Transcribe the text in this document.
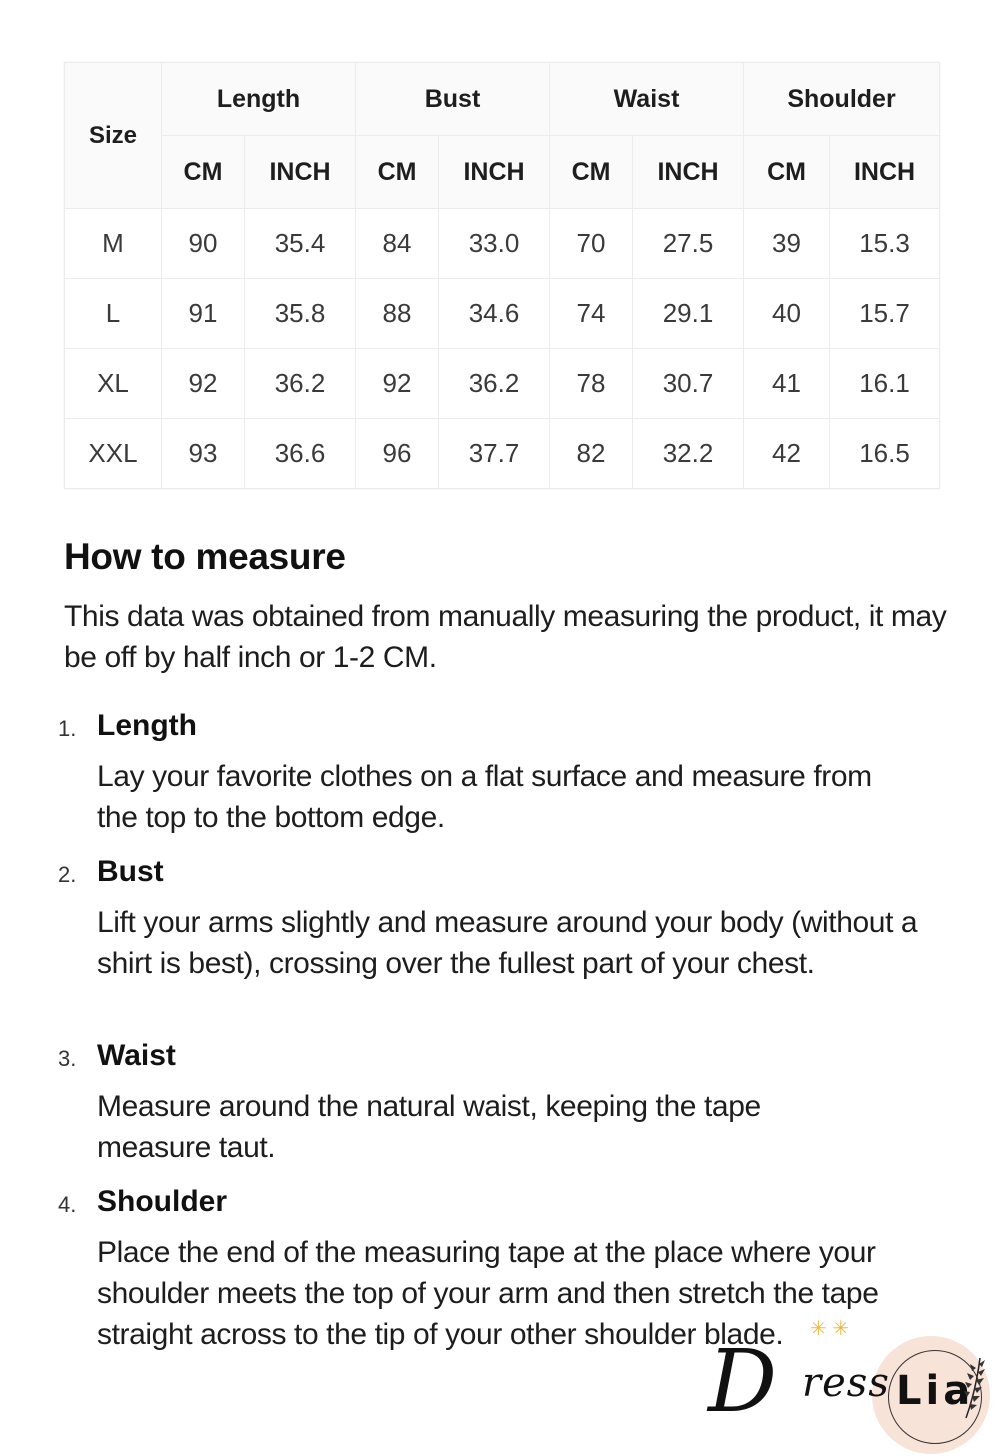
Size	Length		Bust		Waist		Shoulder	
	CM	INCH	CM	INCH	CM	INCH	CM	INCH
M	90	35.4	84	33.0	70	27.5	39	15.3
L	91	35.8	88	34.6	74	29.1	40	15.7
XL	92	36.2	92	36.2	78	30.7	41	16.1
XXL	93	36.6	96	37.7	82	32.2	42	16.5
How to measure

This data was obtained from manually measuring the product, it may be off by half inch or 1-2 CM.

1. Length

Lay your favorite clothes on a flat surface and measure from the top to the bottom edge.

2. Bust

Lift your arms slightly and measure around your body (without a shirt is best), crossing over the fullest part of your chest.

3. Waist

Measure around the natural waist, keeping the tape measure taut.

4. Shoulder

Place the end of the measuring tape at the place where your shoulder meets the top of your arm and then stretch the tape straight across to the tip of your other shoulder blade.	✳ ✳
D ress Lia
